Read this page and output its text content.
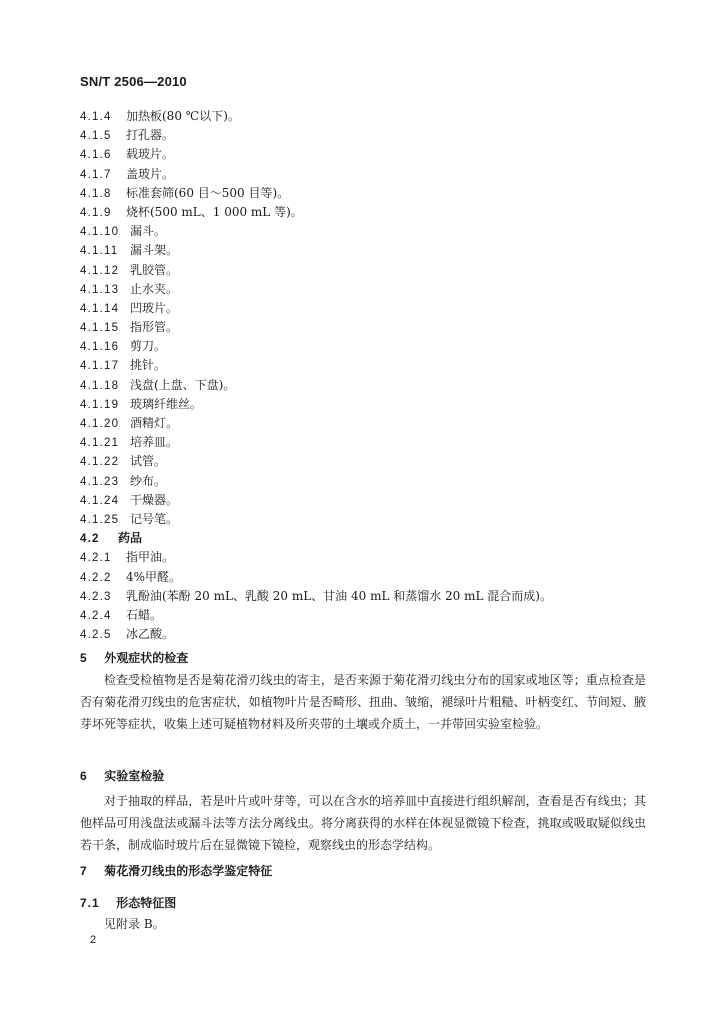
SN/T 2506—2010
4.1.4 加热板(80 ℃以下)。
4.1.5 打孔器。
4.1.6 载玻片。
4.1.7 盖玻片。
4.1.8 标准套筛(60 目～500 目等)。
4.1.9 烧杯(500 mL、1 000 mL 等)。
4.1.10 漏斗。
4.1.11 漏斗架。
4.1.12 乳胶管。
4.1.13 止水夹。
4.1.14 凹玻片。
4.1.15 指形管。
4.1.16 剪刀。
4.1.17 挑针。
4.1.18 浅盘(上盘、下盘)。
4.1.19 玻璃纤维丝。
4.1.20 酒精灯。
4.1.21 培养皿。
4.1.22 试管。
4.1.23 纱布。
4.1.24 干燥器。
4.1.25 记号笔。
4.2 药品
4.2.1 指甲油。
4.2.2 4%甲醛。
4.2.3 乳酚油(苯酚 20 mL、乳酸 20 mL、甘油 40 mL 和蒸馏水 20 mL 混合而成)。
4.2.4 石蜡。
4.2.5 冰乙酸。
5 外观症状的检查
检查受检植物是否是菊花滑刃线虫的寄主，是否来源于菊花滑刃线虫分布的国家或地区等；重点检查是否有菊花滑刃线虫的危害症状，如植物叶片是否畸形、扭曲、皱缩，褪绿叶片粗糙、叶柄变红、节间短、腋芽坏死等症状，收集上述可疑植物材料及所夹带的土壤或介质土，一并带回实验室检验。
6 实验室检验
对于抽取的样品，若是叶片或叶芽等，可以在含水的培养皿中直接进行组织解剖，查看是否有线虫；其他样品可用浅盘法或漏斗法等方法分离线虫。将分离获得的水样在体视显微镜下检查，挑取或吸取疑似线虫若干条，制成临时玻片后在显微镜下镜检，观察线虫的形态学结构。
7 菊花滑刃线虫的形态学鉴定特征
7.1 形态特征图
见附录 B。
2
